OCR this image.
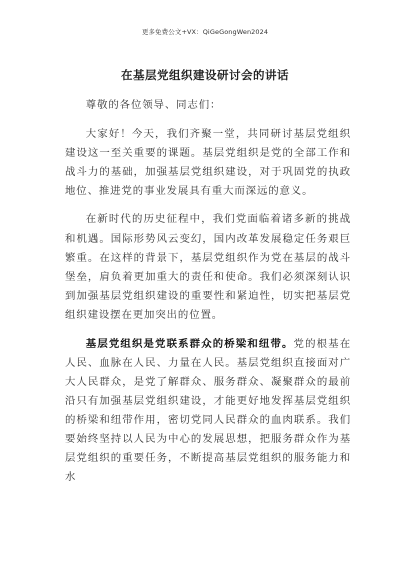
更多免费公文+VX：QiGeGongWen2024
在基层党组织建设研讨会的讲话

尊敬的各位领导、同志们：

大家好！今天，我们齐聚一堂，共同研讨基层党组织建设这一至关重要的课题。基层党组织是党的全部工作和战斗力的基础，加强基层党组织建设，对于巩固党的执政地位、推进党的事业发展具有重大而深远的意义。

在新时代的历史征程中，我们党面临着诸多新的挑战和机遇。国际形势风云变幻，国内改革发展稳定任务艰巨繁重。在这样的背景下，基层党组织作为党在基层的战斗堡垒，肩负着更加重大的责任和使命。我们必须深刻认识到加强基层党组织建设的重要性和紧迫性，切实把基层党组织建设摆在更加突出的位置。

基层党组织是党联系群众的桥梁和纽带。党的根基在人民、血脉在人民、力量在人民。基层党组织直接面对广大人民群众，是党了解群众、服务群众、凝聚群众的最前沿只有加强基层党组织建设，才能更好地发挥基层党组织的桥梁和纽带作用，密切党同人民群众的血肉联系。我们要始终坚持以人民为中心的发展思想，把服务群众作为基层党组织的重要任务，不断提高基层党组织的服务能力和水
